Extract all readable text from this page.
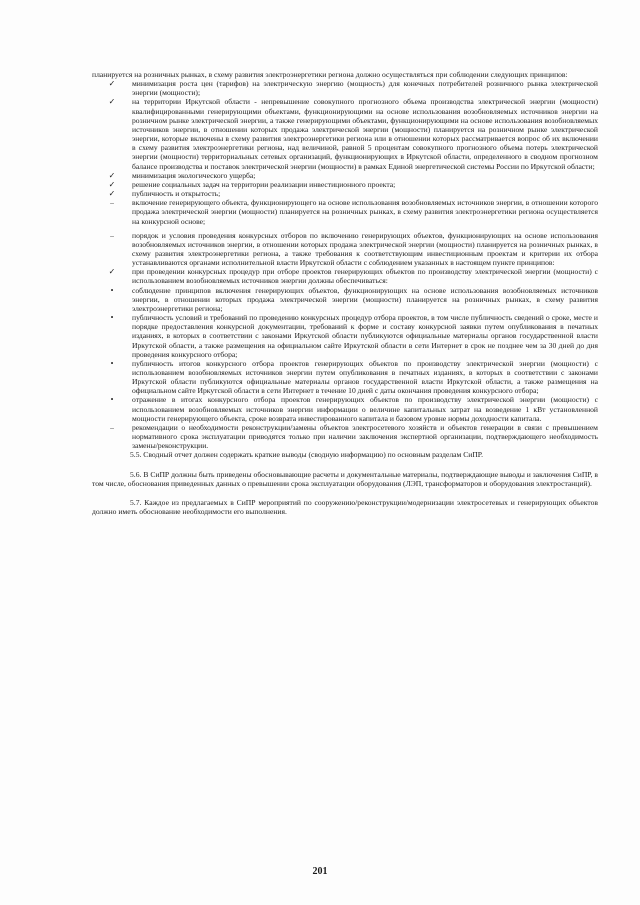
планируется на розничных рынках, в схему развития электроэнергетики региона должно осуществляться при соблюдении следующих принципов:

✓	минимизация роста цен (тарифов) на электрическую энергию (мощность) для конечных потребителей розничного рынка электрической энергии (мощности);
✓	на территории Иркутской области - непревышение совокупного прогнозного объема производства электрической энергии (мощности) квалифицированными генерирующими объектами, функционирующими на основе использования возобновляемых источников энергии на розничном рынке электрической энергии, а также генерирующими объектами, функционирующими на основе использования возобновляемых источников энергии, в отношении которых продажа электрической энергии (мощности) планируется на розничном рынке электрической энергии, которые включены в схему развития электроэнергетики региона или в отношении которых рассматривается вопрос об их включении в схему развития электроэнергетики региона, над величиной, равной 5 процентам совокупного прогнозного объема потерь электрической энергии (мощности) территориальных сетевых организаций, функционирующих в Иркутской области, определенного в сводном прогнозном балансе производства и поставок электрической энергии (мощности) в рамках Единой энергетической системы России по Иркутской области;
✓	минимизация экологического ущерба;
✓	решение социальных задач на территории реализации инвестиционного проекта;
✓	публичность и открытость;
–	включение генерирующего объекта, функционирующего на основе использования возобновляемых источников энергии, в отношении которого продажа электрической энергии (мощности) планируется на розничных рынках, в схему развития электроэнергетики региона осуществляется на конкурсной основе;
–	порядок и условия проведения конкурсных отборов по включению генерирующих объектов, функционирующих на основе использования возобновляемых источников энергии, в отношении которых продажа электрической энергии (мощности) планируется на розничных рынках, в схему развития электроэнергетики региона, а также требования к соответствующим инвестиционным проектам и критерии их отбора устанавливаются органами исполнительной власти Иркутской области с соблюдением указанных в настоящем пункте принципов:
✓	при проведении конкурсных процедур при отборе проектов генерирующих объектов по производству электрической энергии (мощности) с использованием возобновляемых источников энергии должны обеспечиваться:
•	соблюдение принципов включения генерирующих объектов, функционирующих на основе использования возобновляемых источников энергии, в отношении которых продажа электрической энергии (мощности) планируется на розничных рынках, в схему развития электроэнергетики региона;
•	публичность условий и требований по проведению конкурсных процедур отбора проектов, в том числе публичность сведений о сроке, месте и порядке предоставления конкурсной документации, требований к форме и составу конкурсной заявки путем опубликования в печатных изданиях, в которых в соответствии с законами Иркутской области публикуются официальные материалы органов государственной власти Иркутской области, а также размещения на официальном сайте Иркутской области в сети Интернет в срок не позднее чем за 30 дней до дня проведения конкурсного отбора;
•	публичность итогов конкурсного отбора проектов генерирующих объектов по производству электрической энергии (мощности) с использованием возобновляемых источников энергии путем опубликования в печатных изданиях, в которых в соответствии с законами Иркутской области публикуются официальные материалы органов государственной власти Иркутской области, а также размещения на официальном сайте Иркутской области в сети Интернет в течение 10 дней с даты окончания проведения конкурсного отбора;
•	отражение в итогах конкурсного отбора проектов генерирующих объектов по производству электрической энергии (мощности) с использованием возобновляемых источников энергии информации о величине капитальных затрат на возведение 1 кВт установленной мощности генерирующего объекта, сроке возврата инвестированного капитала и базовом уровне нормы доходности капитала.
–	рекомендации о необходимости реконструкции/замены объектов электросетевого хозяйств и объектов генерации в связи с превышением нормативного срока эксплуатации приводятся только при наличии заключения экспертной организации, подтверждающего необходимость замены/реконструкции.

5.5. Сводный отчет должен содержать краткие выводы (сводную информацию) по основным разделам СиПР.

5.6. В СиПР должны быть приведены обосновывающие расчеты и документальные материалы, подтверждающие выводы и заключения СиПР, в том числе, обоснования приведенных данных о превышении срока эксплуатации оборудования (ЛЭП, трансформаторов и оборудования электростанций).

5.7. Каждое из предлагаемых в СиПР мероприятий по сооружению/реконструкции/модернизации электросетевых и генерирующих объектов должно иметь обоснование необходимости его выполнения.

201
